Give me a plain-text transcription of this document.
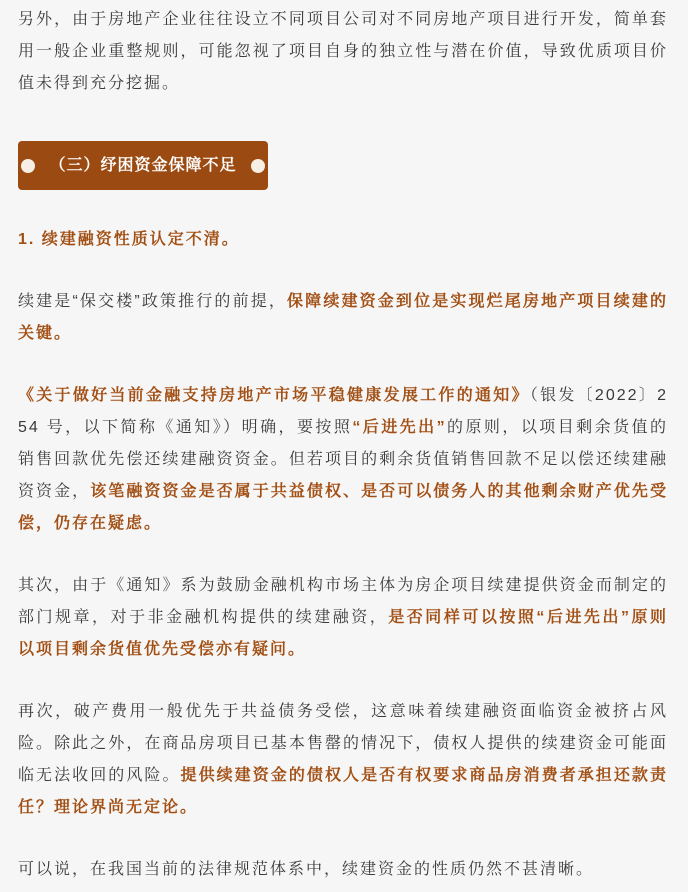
另外，由于房地产企业往往设立不同项目公司对不同房地产项目进行开发，简单套用一般企业重整规则，可能忽视了项目自身的独立性与潜在价值，导致优质项目价值未得到充分挖掘。

（三）纾困资金保障不足

1. 续建融资性质认定不清。

续建是“保交楼”政策推行的前提，保障续建资金到位是实现烂尾房地产项目续建的关键。

《关于做好当前金融支持房地产市场平稳健康发展工作的通知》（银发〔2022〕254 号，以下简称《通知》）明确，要按照“后进先出”的原则，以项目剩余货值的销售回款优先偿还续建融资资金。但若项目的剩余货值销售回款不足以偿还续建融资资金，该笔融资资金是否属于共益债权、是否可以债务人的其他剩余财产优先受偿，仍存在疑虑。

其次，由于《通知》系为鼓励金融机构市场主体为房企项目续建提供资金而制定的部门规章，对于非金融机构提供的续建融资，是否同样可以按照“后进先出”原则以项目剩余货值优先受偿亦有疑问。

再次，破产费用一般优先于共益债务受偿，这意味着续建融资面临资金被挤占风险。除此之外，在商品房项目已基本售罄的情况下，债权人提供的续建资金可能面临无法收回的风险。提供续建资金的债权人是否有权要求商品房消费者承担还款责任？理论界尚无定论。

可以说，在我国当前的法律规范体系中，续建资金的性质仍然不甚清晰。
